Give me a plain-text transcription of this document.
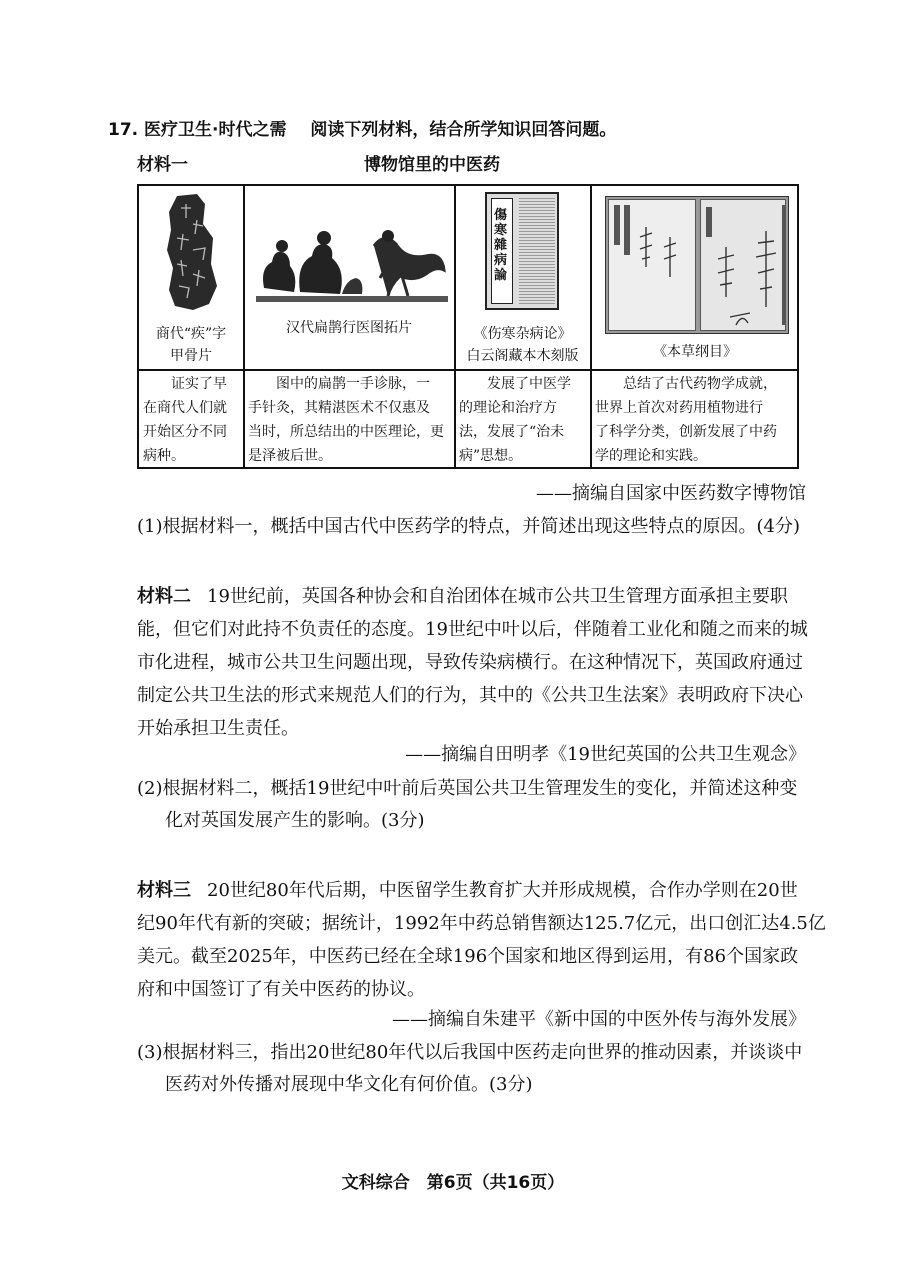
17. 医疗卫生·时代之需 阅读下列材料，结合所学知识回答问题。
材料一	博物馆里的中医药
商代“疾”字
甲骨片
证实了早
在商代人们就
开始区分不同
病种。
汉代扁鹊行医图拓片
图中的扁鹊一手诊脉，一
手针灸，其精湛医术不仅惠及
当时，所总结出的中医理论，更
是泽被后世。
傷寒雜病論
《伤寒杂病论》
白云阁藏本木刻版
发展了中医学
的理论和治疗方
法，发展了“治未
病”思想。
《本草纲目》
总结了古代药物学成就，
世界上首次对药用植物进行
了科学分类，创新发展了中药
学的理论和实践。
——摘编自国家中医药数字博物馆
(1)根据材料一，概括中国古代中医药学的特点，并简述出现这些特点的原因。(4分)
材料二 19世纪前，英国各种协会和自治团体在城市公共卫生管理方面承担主要职
能，但它们对此持不负责任的态度。19世纪中叶以后，伴随着工业化和随之而来的城
市化进程，城市公共卫生问题出现，导致传染病横行。在这种情况下，英国政府通过
制定公共卫生法的形式来规范人们的行为，其中的《公共卫生法案》表明政府下决心
开始承担卫生责任。
——摘编自田明孝《19世纪英国的公共卫生观念》
(2)根据材料二，概括19世纪中叶前后英国公共卫生管理发生的变化，并简述这种变
化对英国发展产生的影响。(3分)
材料三 20世纪80年代后期，中医留学生教育扩大并形成规模，合作办学则在20世
纪90年代有新的突破；据统计，1992年中药总销售额达125.7亿元，出口创汇达4.5亿
美元。截至2025年，中医药已经在全球196个国家和地区得到运用，有86个国家政
府和中国签订了有关中医药的协议。
——摘编自朱建平《新中国的中医外传与海外发展》
(3)根据材料三，指出20世纪80年代以后我国中医药走向世界的推动因素，并谈谈中
医药对外传播对展现中华文化有何价值。(3分)
文科综合　第6页（共16页）
